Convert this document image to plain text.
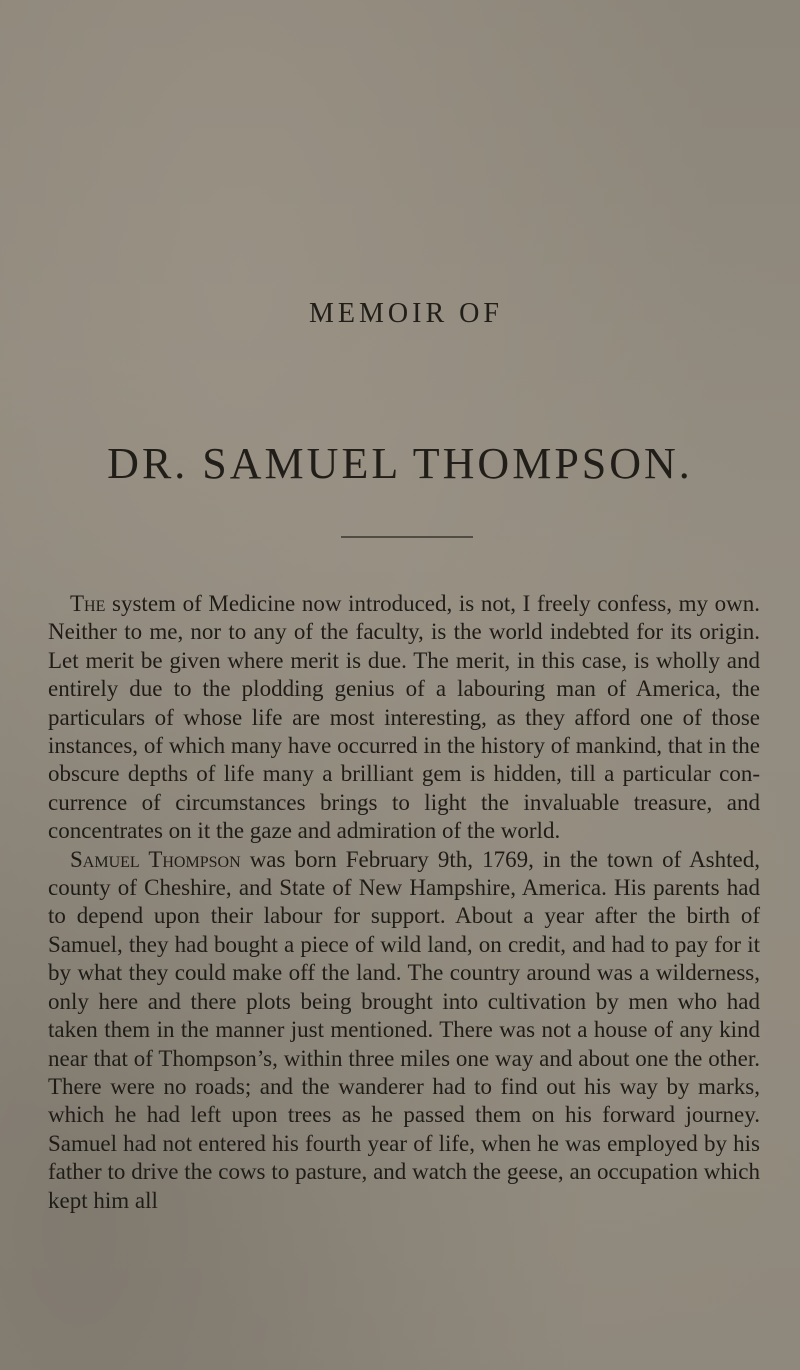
MEMOIR OF
DR. SAMUEL THOMPSON.

The system of Medicine now introduced, is not, I freely confess, my own. Neither to me, nor to any of the faculty, is the world indebted for its origin. Let merit be given where merit is due. The merit, in this case, is wholly and entirely due to the plodding genius of a labouring man of America, the particulars of whose life are most interesting, as they afford one of those instances, of which many have occurred in the history of mankind, that in the obscure depths of life many a brilliant gem is hidden, till a particular con-currence of circumstances brings to light the invaluable treasure, and concentrates on it the gaze and admiration of the world.

Samuel Thompson was born February 9th, 1769, in the town of Ashted, county of Cheshire, and State of New Hampshire, America. His parents had to depend upon their labour for support. About a year after the birth of Samuel, they had bought a piece of wild land, on credit, and had to pay for it by what they could make off the land. The country around was a wilderness, only here and there plots being brought into cultivation by men who had taken them in the manner just mentioned. There was not a house of any kind near that of Thompson’s, within three miles one way and about one the other. There were no roads; and the wanderer had to find out his way by marks, which he had left upon trees as he passed them on his forward journey. Samuel had not entered his fourth year of life, when he was employed by his father to drive the cows to pasture, and watch the geese, an occupation which kept him all
